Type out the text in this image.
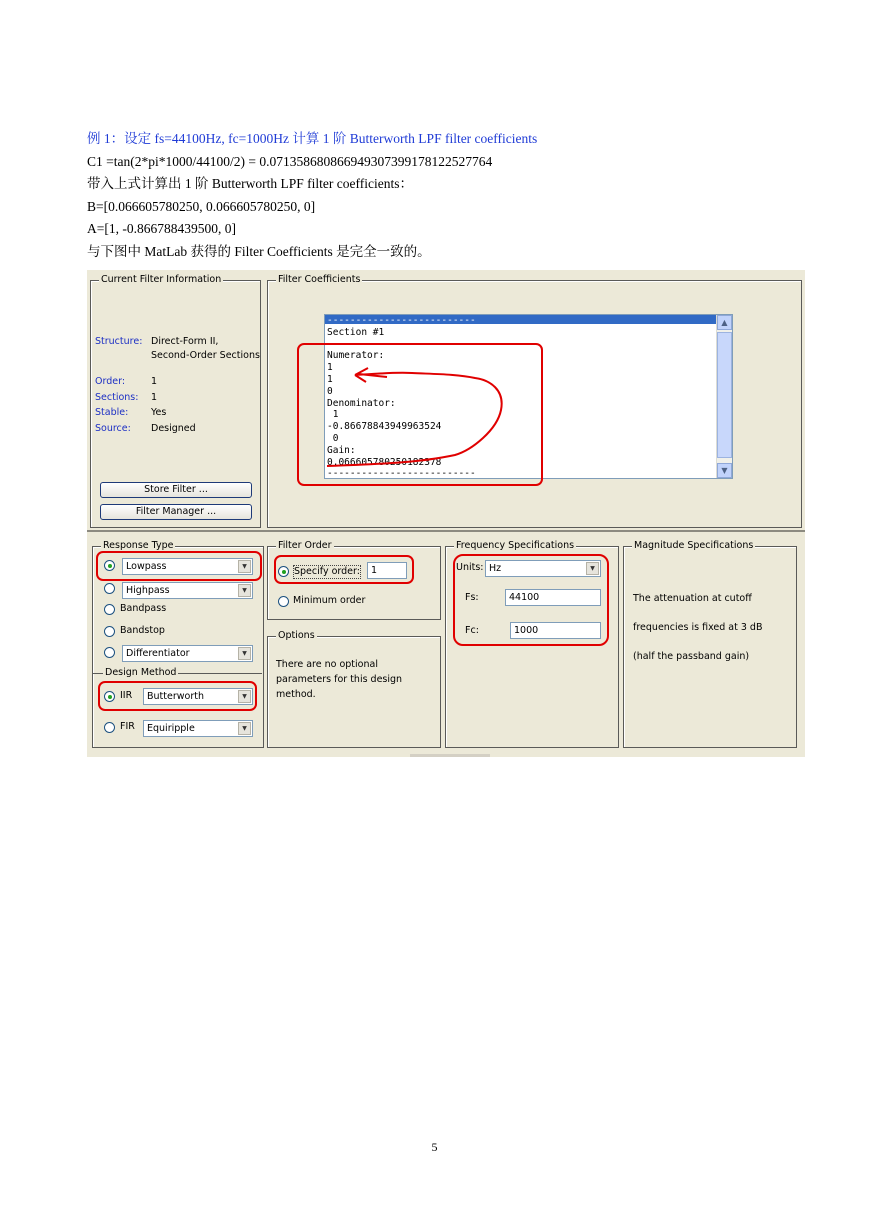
例 1：设定 fs=44100Hz, fc=1000Hz 计算 1 阶 Butterworth LPF filter coefficients
C1 =tan(2*pi*1000/44100/2) = 0.071358680866949307399178122527764
带入上式计算出 1 阶 Butterworth LPF filter coefficients：
B=[0.066605780250, 0.066605780250, 0]
A=[1, -0.866788439500, 0]
与下图中 MatLab 获得的 Filter Coefficients 是完全一致的。
Current Filter Information
Structure: Direct-Form II,
Second-Order Sections
Order:	1
Sections: 1
Stable: Yes
Source: Designed
Store Filter ...
Filter Manager ...
Filter Coefficients
--------------------------
Section #1

Numerator:
1
1
0
Denominator:
1
-0.86678843949963524
0
Gain:
0.066605780250182378
--------------------------
▲
▼
Response Type
Lowpass	▼
Highpass	▼
Bandpass
Bandstop
Differentiator	▼
Design Method
IIR Butterworth	▼
FIR Equiripple	▼
Filter Order
Specify order:	1
Minimum order
Options
There are no optional
parameters for this design
method.
Frequency Specifications
Units: Hz	▼
Fs:	44100
Fc:	1000
Magnitude Specifications
The attenuation at cutoff
frequencies is fixed at 3 dB
(half the passband gain)
5
